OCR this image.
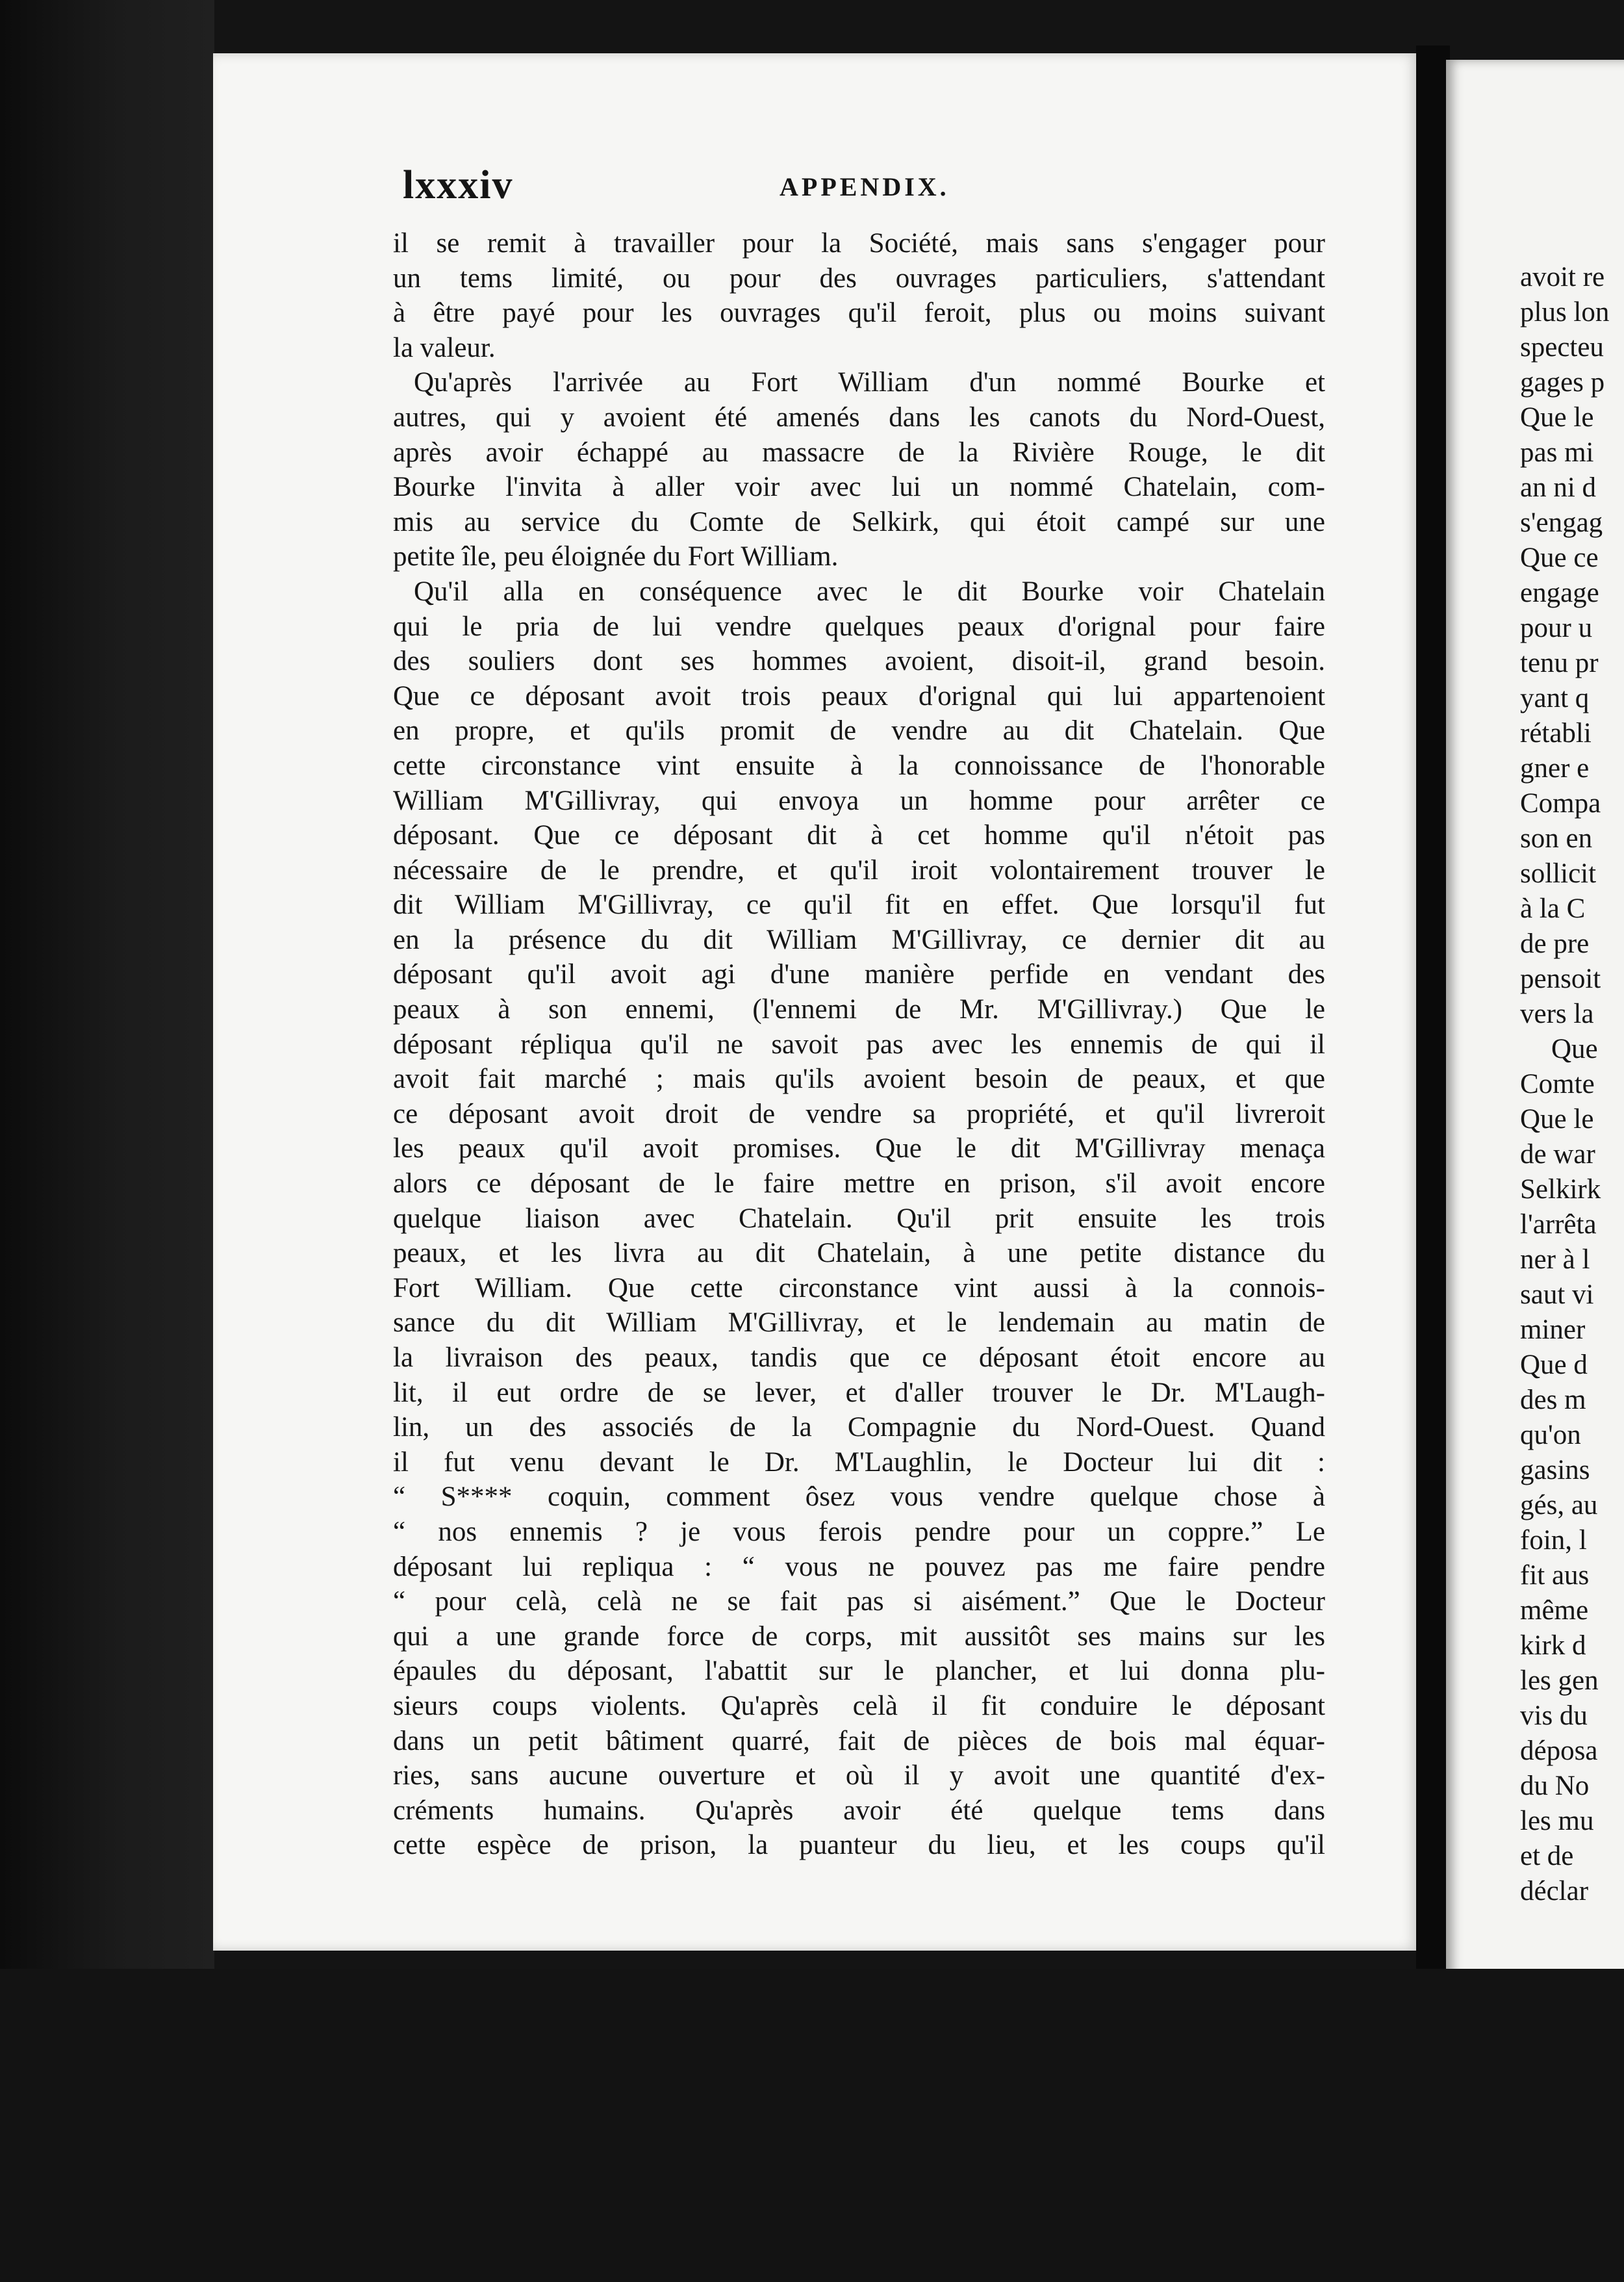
lxxxiv	APPENDIX.
il se remit à travailler pour la Société, mais sans s'engager pour
un tems limité, ou pour des ouvrages particuliers, s'attendant
à être payé pour les ouvrages qu'il feroit, plus ou moins suivant
la valeur.
Qu'après l'arrivée au Fort William d'un nommé Bourke et
autres, qui y avoient été amenés dans les canots du Nord-Ouest,
après avoir échappé au massacre de la Rivière Rouge, le dit
Bourke l'invita à aller voir avec lui un nommé Chatelain, com-
mis au service du Comte de Selkirk, qui étoit campé sur une
petite île, peu éloignée du Fort William.
Qu'il alla en conséquence avec le dit Bourke voir Chatelain
qui le pria de lui vendre quelques peaux d'orignal pour faire
des souliers dont ses hommes avoient, disoit-il, grand besoin.
Que ce déposant avoit trois peaux d'orignal qui lui appartenoient
en propre, et qu'ils promit de vendre au dit Chatelain. Que
cette circonstance vint ensuite à la connoissance de l'honorable
William M'Gillivray, qui envoya un homme pour arrêter ce
déposant. Que ce déposant dit à cet homme qu'il n'étoit pas
nécessaire de le prendre, et qu'il iroit volontairement trouver le
dit William M'Gillivray, ce qu'il fit en effet. Que lorsqu'il fut
en la présence du dit William M'Gillivray, ce dernier dit au
déposant qu'il avoit agi d'une manière perfide en vendant des
peaux à son ennemi, (l'ennemi de Mr. M'Gillivray.) Que le
déposant répliqua qu'il ne savoit pas avec les ennemis de qui il
avoit fait marché ; mais qu'ils avoient besoin de peaux, et que
ce déposant avoit droit de vendre sa propriété, et qu'il livreroit
les peaux qu'il avoit promises. Que le dit M'Gillivray menaça
alors ce déposant de le faire mettre en prison, s'il avoit encore
quelque liaison avec Chatelain. Qu'il prit ensuite les trois
peaux, et les livra au dit Chatelain, à une petite distance du
Fort William. Que cette circonstance vint aussi à la connois-
sance du dit William M'Gillivray, et le lendemain au matin de
la livraison des peaux, tandis que ce déposant étoit encore au
lit, il eut ordre de se lever, et d'aller trouver le Dr. M'Laugh-
lin, un des associés de la Compagnie du Nord-Ouest. Quand
il fut venu devant le Dr. M'Laughlin, le Docteur lui dit :
“ S**** coquin, comment ôsez vous vendre quelque chose à
“ nos ennemis ? je vous ferois pendre pour un coppre.” Le
déposant lui repliqua : “ vous ne pouvez pas me faire pendre
“ pour celà, celà ne se fait pas si aisément.” Que le Docteur
qui a une grande force de corps, mit aussitôt ses mains sur les
épaules du déposant, l'abattit sur le plancher, et lui donna plu-
sieurs coups violents. Qu'après celà il fit conduire le déposant
dans un petit bâtiment quarré, fait de pièces de bois mal équar-
ries, sans aucune ouverture et où il y avoit une quantité d'ex-
créments humains. Qu'après avoir été quelque tems dans
cette espèce de prison, la puanteur du lieu, et les coups qu'il
avoit re
plus lon
specteu
gages p
Que le
pas mi
an ni d
s'engag
Que ce
engage
pour u
tenu pr
yant q
rétabli
gner e
Compa
son en
sollicit
à la C
de pre
pensoit
vers la
Que
Comte
Que le
de war
Selkirk
l'arrêta
ner à l
saut vi
miner
Que d
des m
qu'on
gasins
gés, au
foin, l
fit aus
même
kirk d
les gen
vis du
déposa
du No
les mu
et de
déclar
